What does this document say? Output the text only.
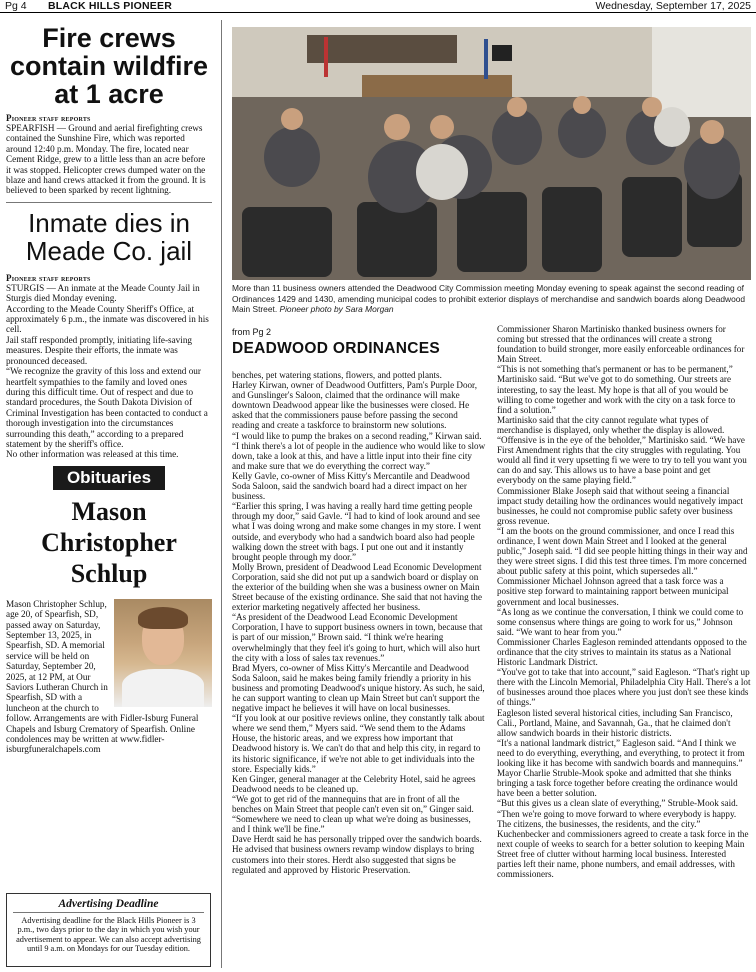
Pg 4 BLACK HILLS PIONEER	Wednesday, September 17, 2025
Fire crews contain wildfire at 1 acre
Pioneer staff reports
SPEARFISH — Ground and aerial firefighting crews contained the Sunshine Fire, which was reported around 12:40 p.m. Monday. The fire, located near Cement Ridge, grew to a little less than an acre before it was stopped. Helicopter crews dumped water on the blaze and hand crews attacked it from the ground. It is believed to been sparked by recent lightning.
Inmate dies in Meade Co. jail
Pioneer staff reports

STURGIS — An inmate at the Meade County Jail in Sturgis died Monday evening.

According to the Meade County Sheriff's Office, at approximately 6 p.m., the inmate was discovered in his cell.

Jail staff responded promptly, initiating life-saving measures. Despite their efforts, the inmate was pronounced deceased.

“We recognize the gravity of this loss and extend our heartfelt sympathies to the family and loved ones during this difficult time. Out of respect and due to standard procedures, the South Dakota Division of Criminal Investigation has been contacted to conduct a thorough investigation into the circumstances surrounding this death,” according to a prepared statement by the sheriff's office.

No other information was released at this time.

Obituaries
Mason Christopher Schlup
Mason Christopher Schlup, age 20, of Spearfish, SD, passed away on Saturday, September 13, 2025, in Spearfish, SD. A memorial service will be held on Saturday, September 20, 2025, at 12 PM, at Our Saviors Lutheran Church in Spearfish, SD with a luncheon at the church to follow. Arrangements are with Fidler-Isburg Funeral Chapels and Isburg Crematory of Spearfish. Online condolences may be written at www.fidler-isburgfuneralchapels.com
Advertising Deadline
Advertising deadline for the Black Hills Pioneer is 3 p.m., two days prior to the day in which you wish your advertisement to appear. We can also accept advertising until 9 a.m. on Mondays for our Tuesday edition.
More than 11 business owners attended the Deadwood City Commission meeting Monday evening to speak against the second reading of Ordinances 1429 and 1430, amending municipal codes to prohibit exterior displays of merchandise and sandwich boards along Deadwood Main Street. Pioneer photo by Sara Morgan
from Pg 2
DEADWOOD ORDINANCES

benches, pet watering stations, flowers, and potted plants.

Harley Kirwan, owner of Deadwood Outfitters, Pam's Purple Door, and Gunslinger's Saloon, claimed that the ordinance will make downtown Deadwood appear like the businesses were closed. He asked that the commissioners pause before passing the second reading and create a taskforce to brainstorm new solutions.

“I would like to pump the brakes on a second reading,” Kirwan said. “I think there's a lot of people in the audience who would like to slow down, take a look at this, and have a little input into their fine city and make sure that we do everything the correct way.”

Kelly Gavle, co-owner of Miss Kitty's Mercantile and Deadwood Soda Saloon, said the sandwich board had a direct impact on her business.

“Earlier this spring, I was having a really hard time getting people through my door,” said Gavle. “I had to kind of look around and see what I was doing wrong and make some changes in my store. I went outside, and everybody who had a sandwich board also had people walking down the street with bags. I put one out and it instantly brought people through my door.”

Molly Brown, president of Deadwood Lead Economic Development Corporation, said she did not put up a sandwich board or display on the exterior of the building when she was a business owner on Main Street because of the existing ordinance. She said that not having the exterior marketing negatively affected her business.

“As president of the Deadwood Lead Economic Development Corporation, I have to support business owners in town, because that is part of our mission,” Brown said. “I think we're hearing overwhelmingly that they feel it's going to hurt, which will also hurt the city with a loss of sales tax revenues.”

Brad Myers, co-owner of Miss Kitty's Mercantile and Deadwood Soda Saloon, said he makes being family friendly a priority in his business and promoting Deadwood's unique history. As such, he said, he can support wanting to clean up Main Street but can't support the negative impact he believes it will have on local businesses.

“If you look at our positive reviews online, they constantly talk about where we send them,” Myers said. “We send them to the Adams House, the historic areas, and we express how important that Deadwood history is. We can't do that and help this city, in regard to its historic significance, if we're not able to get individuals into the store. Especially kids.”

Ken Ginger, general manager at the Celebrity Hotel, said he agrees Deadwood needs to be cleaned up.

“We got to get rid of the mannequins that are in front of all the benches on Main Street that people can't even sit on,” Ginger said. “Somewhere we need to clean up what we're doing as businesses, and I think we'll be fine.”

Dave Herdt said he has personally tripped over the sandwich boards. He advised that business owners revamp window displays to bring customers into their stores. Herdt also suggested that signs be regulated and approved by Historic Preservation.

Commissioner Sharon Martinisko thanked business owners for coming but stressed that the ordinances will create a strong foundation to build stronger, more easily enforceable ordinances for Main Street.

“This is not something that's permanent or has to be permanent,” Martinisko said. “But we've got to do something. Our streets are interesting, to say the least. My hope is that all of you would be willing to come together and work with the city on a task force to find a solution.”

Martinisko said that the city cannot regulate what types of merchandise is displayed, only whether the display is allowed.

“Offensive is in the eye of the beholder,” Martinisko said. “We have First Amendment rights that the city struggles with regulating. You would all find it very upsetting fi we were to try to tell you want you can do and say. This allows us to have a base point and get everybody on the same playing field.”

Commissioner Blake Joseph said that without seeing a financial impact study detailing how the ordinances would negatively impact businesses, he could not compromise public safety over business gross revenue.

“I am the boots on the ground commissioner, and once I read this ordinance, I went down Main Street and I looked at the general public,” Joseph said. “I did see people hitting things in their way and they were street signs. I did this test three times. I'm more concerned about public safety at this point, which supersedes all.”

Commissioner Michael Johnson agreed that a task force was a positive step forward to maintaining rapport between municipal government and local businesses.

“As long as we continue the conversation, I think we could come to some consensus where things are going to work for us,” Johnson said. “We want to hear from you.”

Commissioner Charles Eagleson reminded attendants opposed to the ordinance that the city strives to maintain its status as a National Historic Landmark District.

“You've got to take that into account,” said Eagleson. “That's right up there with the Lincoln Memorial, Philadelphia City Hall. There's a lot of businesses around thoe places where you just don't see these kinds of things.”

Eagleson listed several historical cities, including San Francisco, Cali., Portland, Maine, and Savannah, Ga., that he claimed don't allow sandwich boards in their historic districts.

“It's a national landmark district,” Eagleson said. “And I think we need to do everything, everything, and everything, to protect it from looking like it has become with sandwich boards and mannequins.”

Mayor Charlie Struble-Mook spoke and admitted that she thinks bringing a task force together before creating the ordinance would have been a better solution.

“But this gives us a clean slate of everything,” Struble-Mook said. “Then we're going to move forward to where everybody is happy. The citizens, the businesses, the residents, and the city.”

Kuchenbecker and commissioners agreed to create a task force in the next couple of weeks to search for a better solution to keeping Main Street free of clutter without harming local business. Interested parties left their name, phone numbers, and email addresses, with commissioners.
